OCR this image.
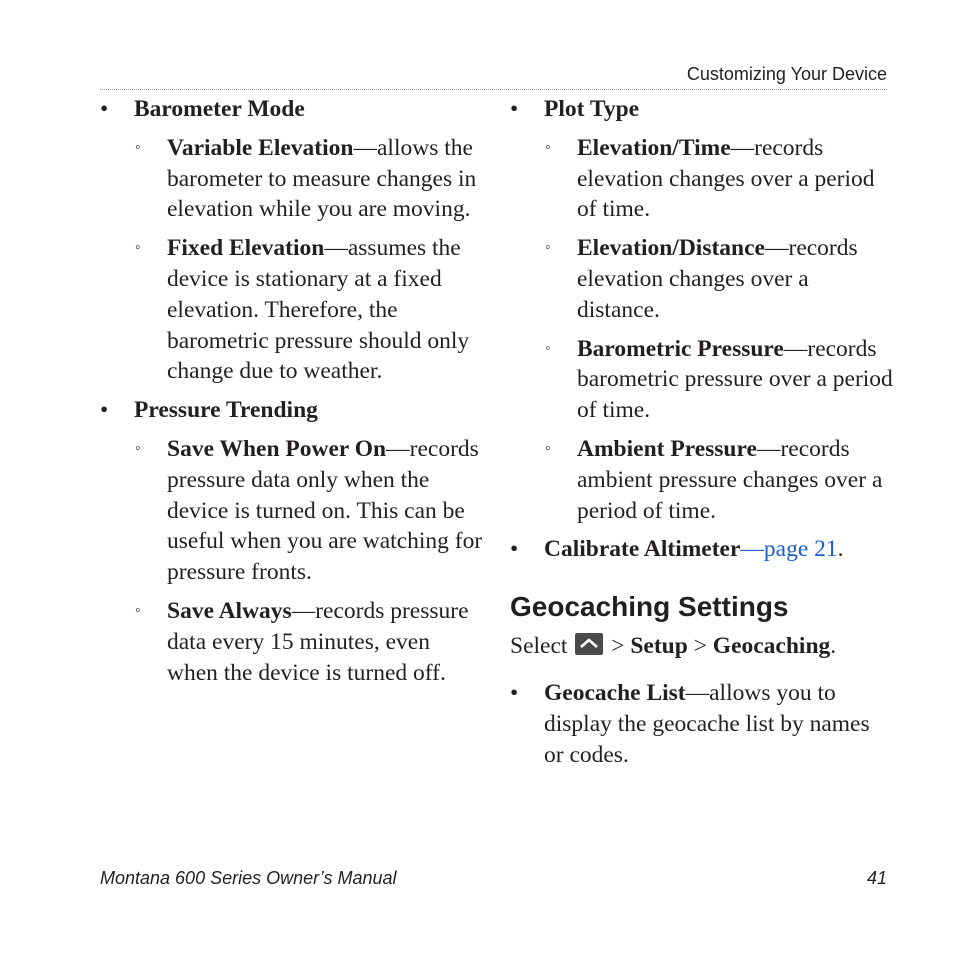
Customizing Your Device
• Barometer Mode
◦ Variable Elevation—allows the barometer to measure changes in elevation while you are moving.
◦ Fixed Elevation—assumes the device is stationary at a fixed elevation. Therefore, the barometric pressure should only change due to weather.
• Pressure Trending
◦ Save When Power On—records pressure data only when the device is turned on. This can be useful when you are watching for pressure fronts.
◦ Save Always—records pressure data every 15 minutes, even when the device is turned off.
• Plot Type
◦ Elevation/Time—records elevation changes over a period of time.
◦ Elevation/Distance—records elevation changes over a distance.
◦ Barometric Pressure—records barometric pressure over a period of time.
◦ Ambient Pressure—records ambient pressure changes over a period of time.
• Calibrate Altimeter—page 21.
Geocaching Settings
Select  > Setup > Geocaching.
• Geocache List—allows you to display the geocache list by names or codes.
Montana 600 Series Owner’s Manual	41
